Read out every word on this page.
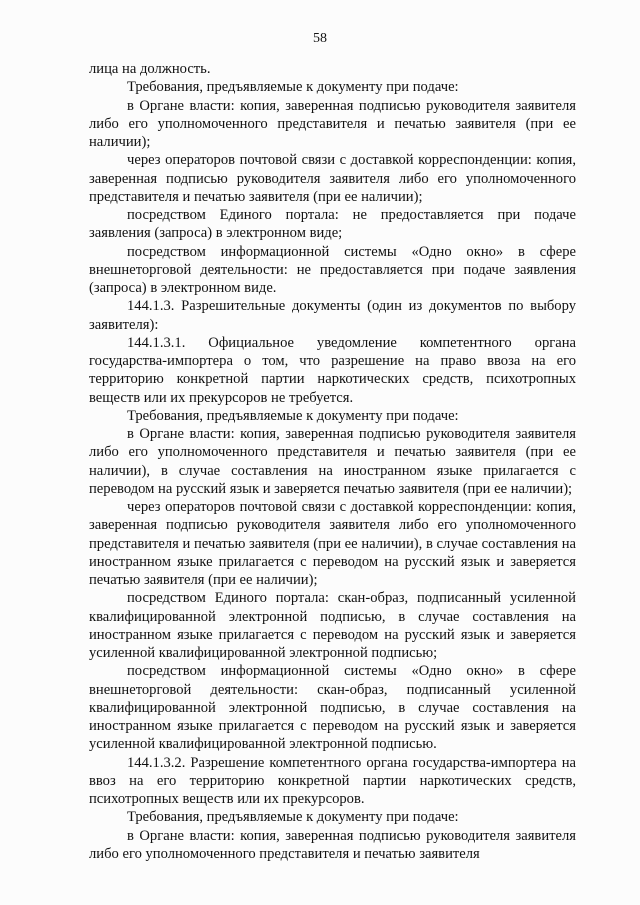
58

лица на должность.

Требования, предъявляемые к документу при подаче:

в Органе власти: копия, заверенная подписью руководителя заявителя либо его уполномоченного представителя и печатью заявителя (при ее наличии);

через операторов почтовой связи с доставкой корреспонденции: копия, заверенная подписью руководителя заявителя либо его уполномоченного представителя и печатью заявителя (при ее наличии);

посредством Единого портала: не предоставляется при подаче заявления (запроса) в электронном виде;

посредством информационной системы «Одно окно» в сфере внешнеторговой деятельности: не предоставляется при подаче заявления (запроса) в электронном виде.

144.1.3. Разрешительные документы (один из документов по выбору заявителя):

144.1.3.1. Официальное уведомление компетентного органа государства-импортера о том, что разрешение на право ввоза на его территорию конкретной партии наркотических средств, психотропных веществ или их прекурсоров не требуется.

Требования, предъявляемые к документу при подаче:

в Органе власти: копия, заверенная подписью руководителя заявителя либо его уполномоченного представителя и печатью заявителя (при ее наличии), в случае составления на иностранном языке прилагается с переводом на русский язык и заверяется печатью заявителя (при ее наличии);

через операторов почтовой связи с доставкой корреспонденции: копия, заверенная подписью руководителя заявителя либо его уполномоченного представителя и печатью заявителя (при ее наличии), в случае составления на иностранном языке прилагается с переводом на русский язык и заверяется печатью заявителя (при ее наличии);

посредством Единого портала: скан-образ, подписанный усиленной квалифицированной электронной подписью, в случае составления на иностранном языке прилагается с переводом на русский язык и заверяется усиленной квалифицированной электронной подписью;

посредством информационной системы «Одно окно» в сфере внешнеторговой деятельности: скан-образ, подписанный усиленной квалифицированной электронной подписью, в случае составления на иностранном языке прилагается с переводом на русский язык и заверяется усиленной квалифицированной электронной подписью.

144.1.3.2. Разрешение компетентного органа государства-импортера на ввоз на его территорию конкретной партии наркотических средств, психотропных веществ или их прекурсоров.

Требования, предъявляемые к документу при подаче:

в Органе власти: копия, заверенная подписью руководителя заявителя либо его уполномоченного представителя и печатью заявителя
